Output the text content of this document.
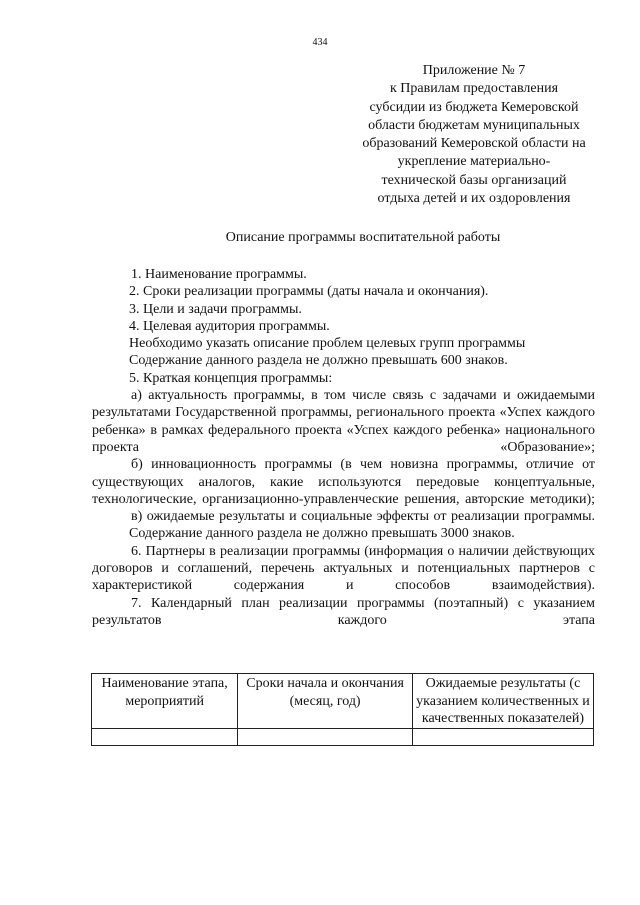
434
Приложение № 7
к Правилам предоставления
субсидии из бюджета Кемеровской
области бюджетам муниципальных
образований Кемеровской области на
укрепление материально-
технической базы организаций
отдыха детей и их оздоровления
Описание программы воспитательной работы
1. Наименование программы.
2. Сроки реализации программы (даты начала и окончания).
3. Цели и задачи программы.
4. Целевая аудитория программы.
Необходимо указать описание проблем целевых групп программы
Содержание данного раздела не должно превышать 600 знаков.
5. Краткая концепция программы:
а) актуальность программы, в том числе связь с задачами и ожидаемыми результатами Государственной программы, регионального проекта «Успех каждого ребенка» в рамках федерального проекта «Успех каждого ребенка» национального проекта «Образование»;
б) инновационность программы (в чем новизна программы, отличие от существующих аналогов, какие используются передовые концептуальные, технологические, организационно-управленческие решения, авторские методики);
в) ожидаемые результаты и социальные эффекты от реализации программы.
Содержание данного раздела не должно превышать 3000 знаков.
6. Партнеры в реализации программы (информация о наличии действующих договоров и соглашений, перечень актуальных и потенциальных партнеров с характеристикой содержания и способов взаимодействия).
7. Календарный план реализации программы (поэтапный) с указанием результатов каждого этапа
Наименование этапа, мероприятий	Сроки начала и окончания (месяц, год)	Ожидаемые результаты (с указанием количественных и качественных показателей)
